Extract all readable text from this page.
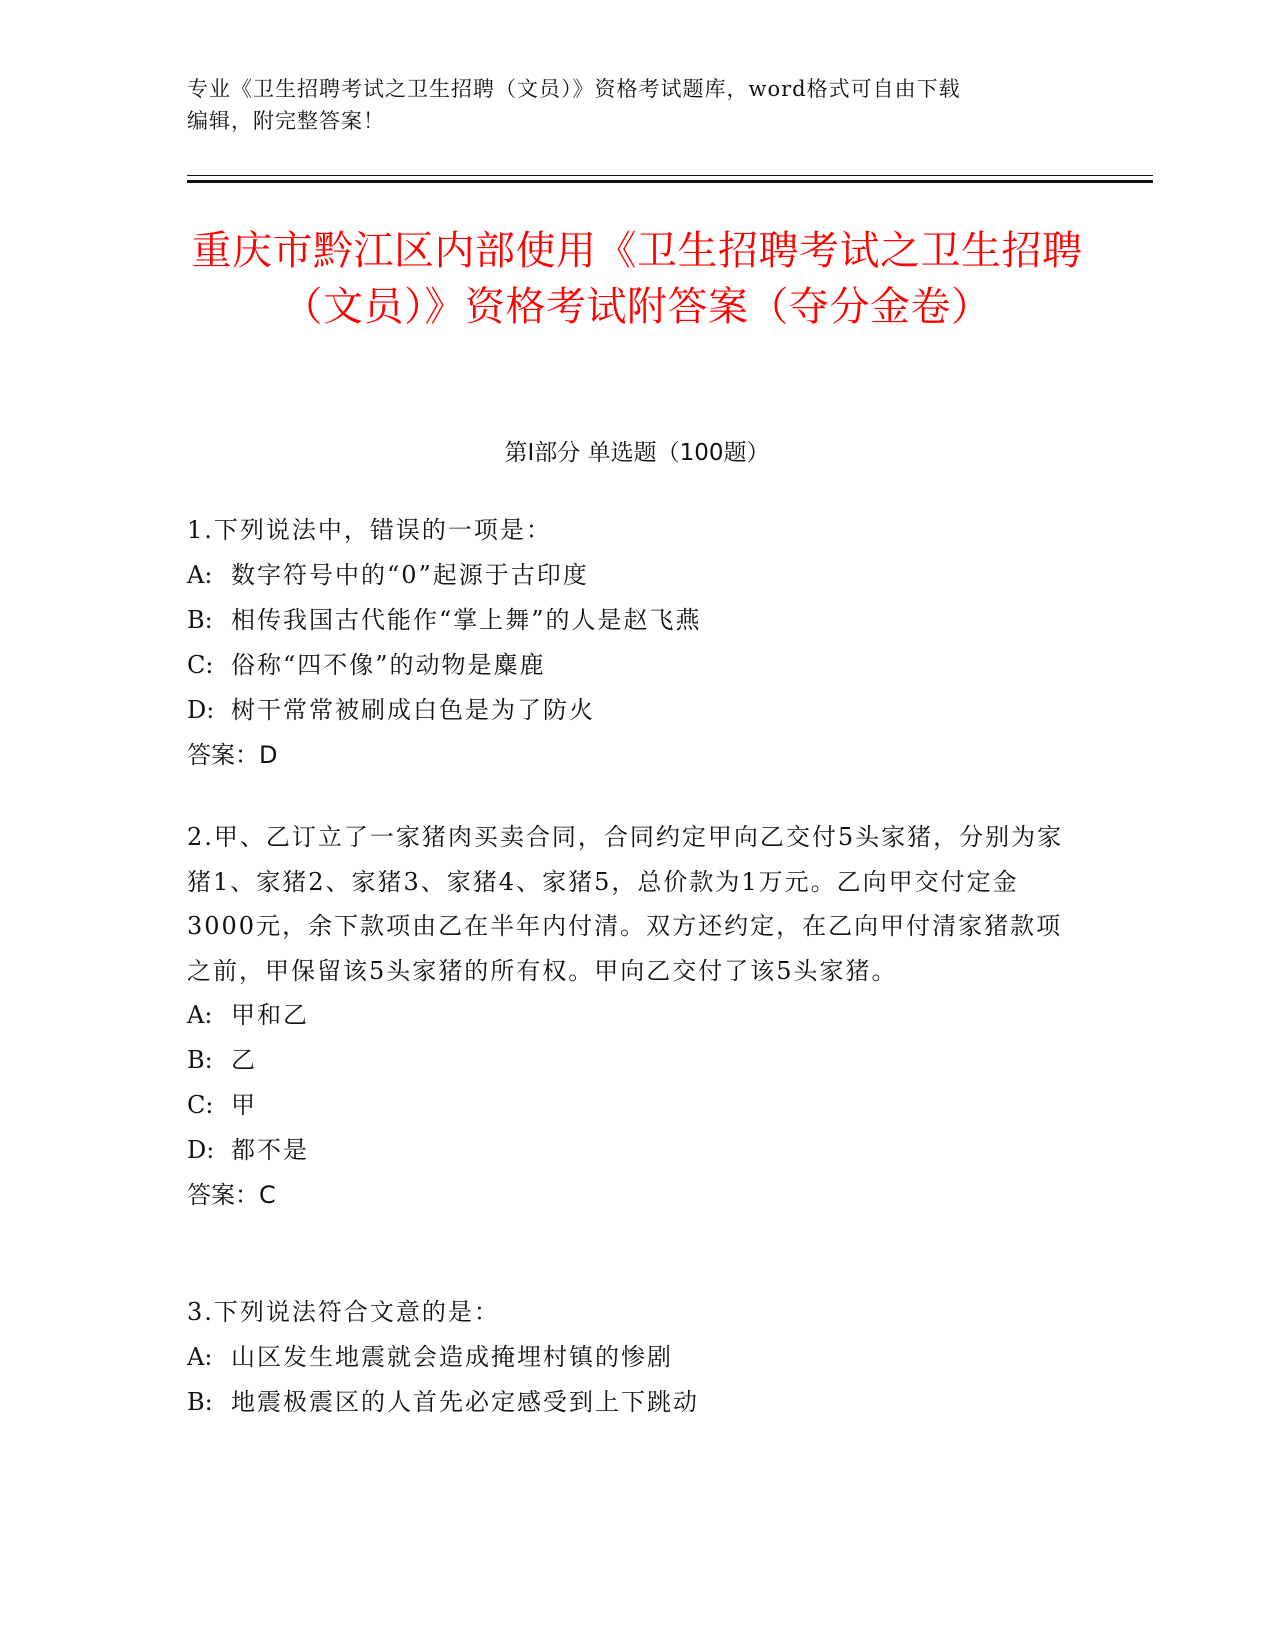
专业《卫生招聘考试之卫生招聘（文员）》资格考试题库，word格式可自由下载
编辑，附完整答案！
重庆市黔江区内部使用《卫生招聘考试之卫生招聘（文员）》资格考试附答案（夺分金卷）
第Ⅰ部分 单选题（100题）

1.下列说法中，错误的一项是：

A: 数字符号中的“0”起源于古印度

B: 相传我国古代能作“掌上舞”的人是赵飞燕

C: 俗称“四不像”的动物是麋鹿

D: 树干常常被刷成白色是为了防火

答案：D

2.甲、乙订立了一家猪肉买卖合同，合同约定甲向乙交付5头家猪，分别为家猪1、家猪2、家猪3、家猪4、家猪5，总价款为1万元。乙向甲交付定金3000元，余下款项由乙在半年内付清。双方还约定，在乙向甲付清家猪款项之前，甲保留该5头家猪的所有权。甲向乙交付了该5头家猪。

A: 甲和乙

B: 乙

C: 甲

D: 都不是

答案：C

3.下列说法符合文意的是：

A: 山区发生地震就会造成掩埋村镇的惨剧

B: 地震极震区的人首先必定感受到上下跳动
